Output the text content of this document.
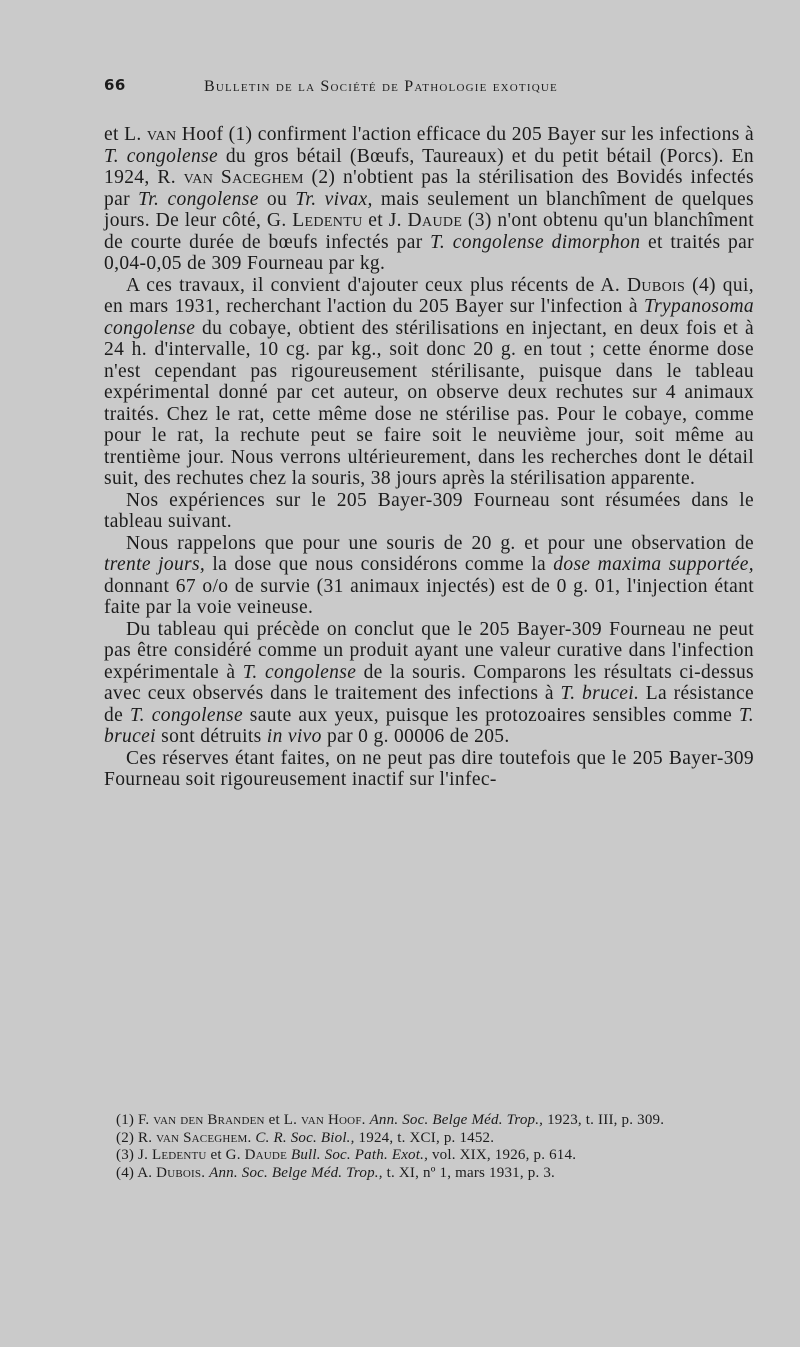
66	Bulletin de la Société de Pathologie exotique

et L. van Hoof (1) confirment l'action efficace du 205 Bayer sur les infections à T. congolense du gros bétail (Bœufs, Taureaux) et du petit bétail (Porcs). En 1924, R. van Saceghem (2) n'obtient pas la stérilisation des Bovidés infectés par Tr. congolense ou Tr. vivax, mais seulement un blanchîment de quelques jours. De leur côté, G. Ledentu et J. Daude (3) n'ont obtenu qu'un blanchîment de courte durée de bœufs infectés par T. congolense dimorphon et traités par 0,04-0,05 de 309 Fourneau par kg.

A ces travaux, il convient d'ajouter ceux plus récents de A. Dubois (4) qui, en mars 1931, recherchant l'action du 205 Bayer sur l'infection à Trypanosoma congolense du cobaye, obtient des stérilisations en injectant, en deux fois et à 24 h. d'intervalle, 10 cg. par kg., soit donc 20 g. en tout ; cette énorme dose n'est cependant pas rigoureusement stérilisante, puisque dans le tableau expérimental donné par cet auteur, on observe deux rechutes sur 4 animaux traités. Chez le rat, cette même dose ne stérilise pas. Pour le cobaye, comme pour le rat, la rechute peut se faire soit le neuvième jour, soit même au trentième jour. Nous verrons ultérieurement, dans les recherches dont le détail suit, des rechutes chez la souris, 38 jours après la stérilisation apparente.

Nos expériences sur le 205 Bayer-309 Fourneau sont résumées dans le tableau suivant.

Nous rappelons que pour une souris de 20 g. et pour une observation de trente jours, la dose que nous considérons comme la dose maxima supportée, donnant 67 o/o de survie (31 animaux injectés) est de 0 g. 01, l'injection étant faite par la voie veineuse.

Du tableau qui précède on conclut que le 205 Bayer-309 Fourneau ne peut pas être considéré comme un produit ayant une valeur curative dans l'infection expérimentale à T. congolense de la souris. Comparons les résultats ci-dessus avec ceux observés dans le traitement des infections à T. brucei. La résistance de T. congolense saute aux yeux, puisque les protozoaires sensibles comme T. brucei sont détruits in vivo par 0 g. 00006 de 205.

Ces réserves étant faites, on ne peut pas dire toutefois que le 205 Bayer-309 Fourneau soit rigoureusement inactif sur l'infec-

(1) F. van den Branden et L. van Hoof. Ann. Soc. Belge Méd. Trop., 1923, t. III, p. 309.

(2) R. van Saceghem. C. R. Soc. Biol., 1924, t. XCI, p. 1452.

(3) J. Ledentu et G. Daude Bull. Soc. Path. Exot., vol. XIX, 1926, p. 614.

(4) A. Dubois. Ann. Soc. Belge Méd. Trop., t. XI, nº 1, mars 1931, p. 3.
